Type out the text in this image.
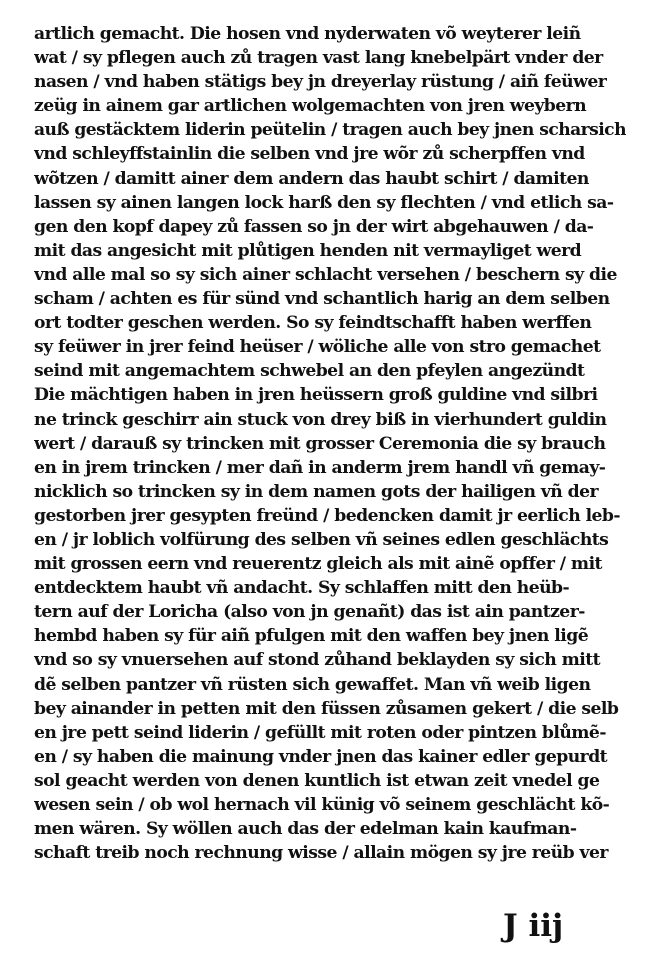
artlich gemacht. Die hosen vnd nyderwaten võ weyterer leiñ
wat / sy pflegen auch zů tragen vast lang knebelpärt vnder der
nasen / vnd haben stätigs bey jn dreyerlay rüstung / aiñ feüwer
zeüg in ainem gar artlichen wolgemachten von jren weybern
auß gestäcktem liderin peütelin / tragen auch bey jnen scharsich
vnd schleyffstainlin die selben vnd jre wõr zů scherpffen vnd
wõtzen / damitt ainer dem andern das haubt schirt / damiten
lassen sy ainen langen lock harß den sy flechten / vnd etlich sa-
gen den kopf dapey zů fassen so jn der wirt abgehauwen / da-
mit das angesicht mit plůtigen henden nit vermayliget werd
vnd alle mal so sy sich ainer schlacht versehen / beschern sy die
scham / achten es für sünd vnd schantlich harig an dem selben
ort todter geschen werden. So sy feindtschafft haben werffen
sy feüwer in jrer feind heüser / wöliche alle von stro gemachet
seind mit angemachtem schwebel an den pfeylen angezündt
Die mächtigen haben in jren heüssern groß guldine vnd silbri
ne trinck geschirr ain stuck von drey biß in vierhundert guldin
wert / darauß sy trincken mit grosser Ceremonia die sy brauch
en in jrem trincken / mer dañ in anderm jrem handl vñ gemay-
nicklich so trincken sy in dem namen gots der hailigen vñ der
gestorben jrer gesypten freünd / bedencken damit jr eerlich leb-
en / jr loblich volfürung des selben vñ seines edlen geschlächts
mit grossen eern vnd reuerentz gleich als mit ainẽ opffer / mit
entdecktem haubt vñ andacht. Sy schlaffen mitt den heüb-
tern auf der Loricha (also von jn genañt) das ist ain pantzer-
hembd haben sy für aiñ pfulgen mit den waffen bey jnen ligẽ
vnd so sy vnuersehen auf stond zůhand beklayden sy sich mitt
dẽ selben pantzer vñ rüsten sich gewaffet. Man vñ weib ligen
bey ainander in petten mit den füssen zůsamen gekert / die selb
en jre pett seind liderin / gefüllt mit roten oder pintzen blůmẽ-
en / sy haben die mainung vnder jnen das kainer edler gepurdt
sol geacht werden von denen kuntlich ist etwan zeit vnedel ge
wesen sein / ob wol hernach vil künig võ seinem geschlächt kõ-
men wären. Sy wöllen auch das der edelman kain kaufman-
schaft treib noch rechnung wisse / allain mögen sy jre reüb ver
J iij
